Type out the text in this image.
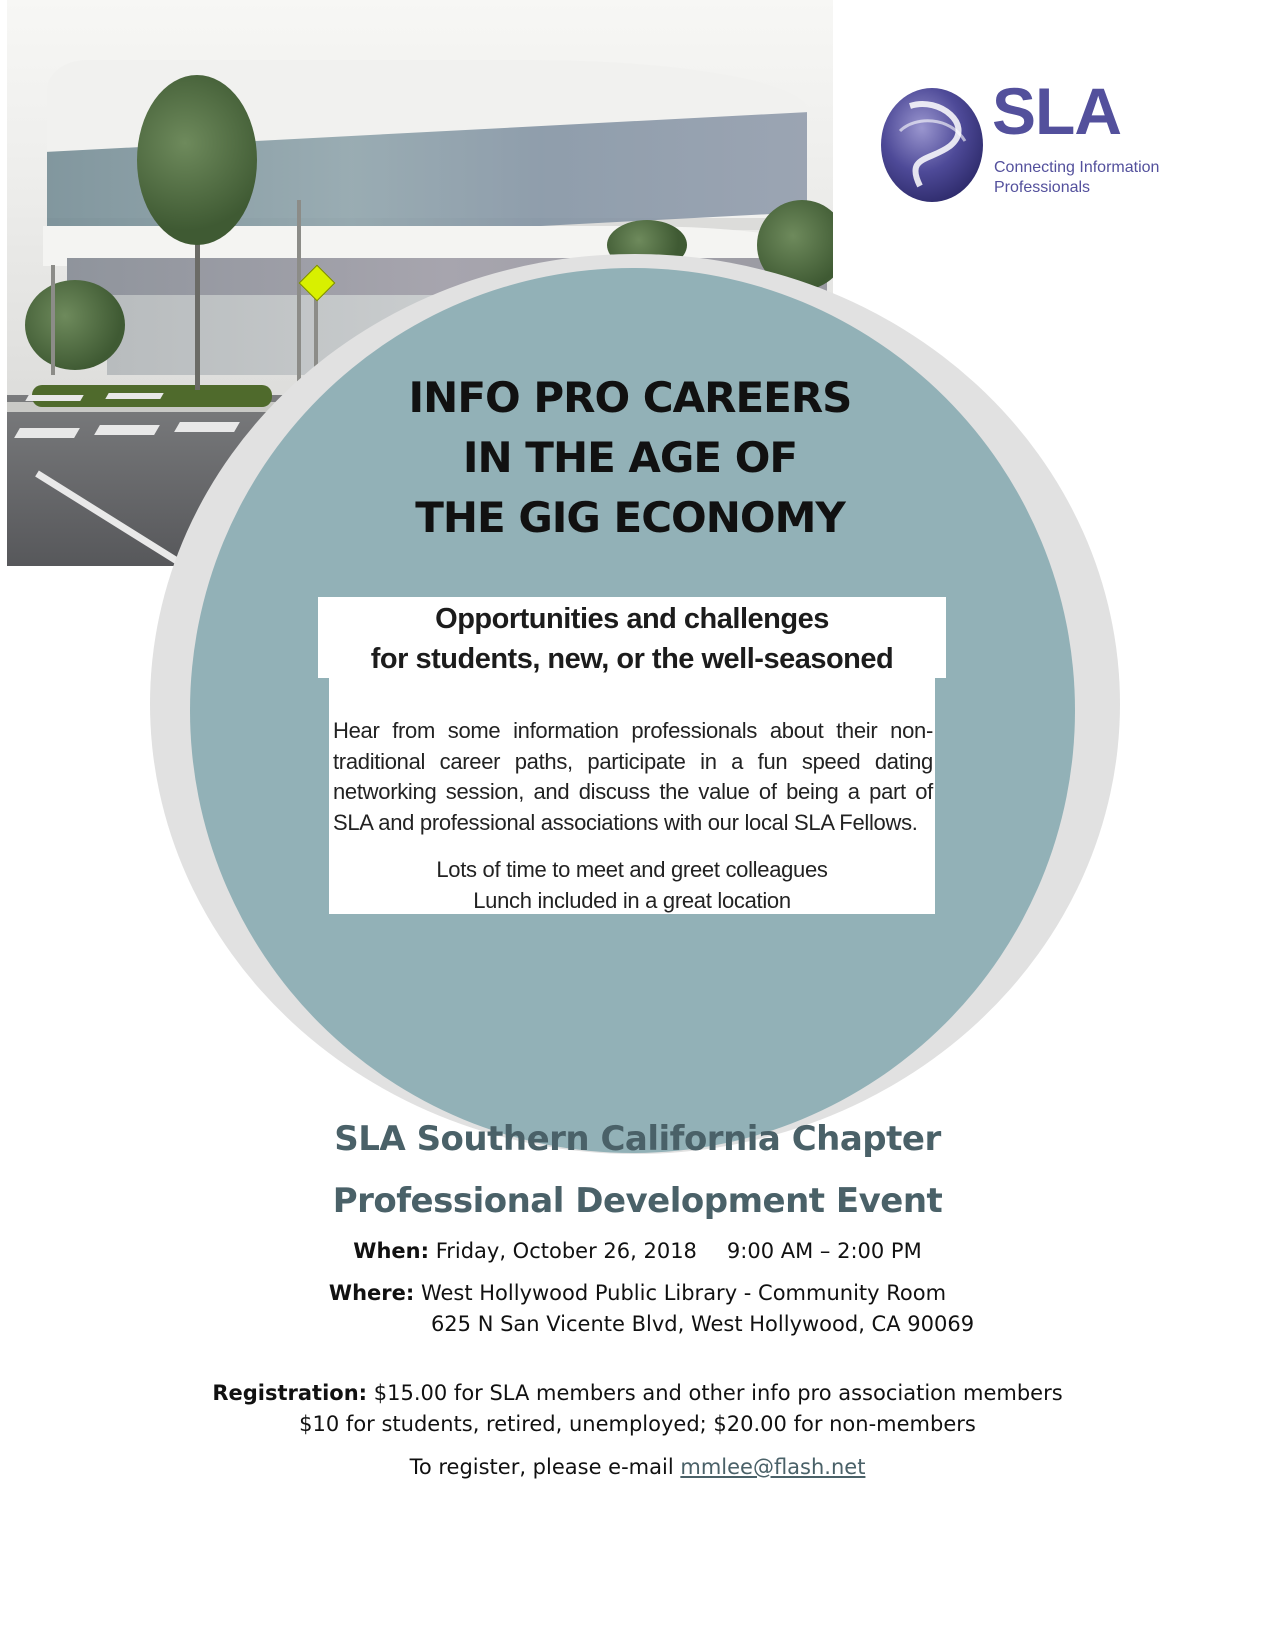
SLA
Connecting Information
Professionals
INFO PRO CAREERS
IN THE AGE OF
THE GIG ECONOMY

Opportunities and challenges

for students, new, or the well-seasoned

Hear from some information professionals about their non-traditional career paths, participate in a fun speed dating networking session, and discuss the value of being a part of SLA and professional associations with our local SLA Fellows.

Lots of time to meet and greet colleagues
Lunch included in a great location
SLA Southern California Chapter
Professional Development Event
When: Friday, October 26, 2018 9:00 AM – 2:00 PM
Where: West Hollywood Public Library - Community Room
625 N San Vicente Blvd, West Hollywood, CA 90069
Registration: $15.00 for SLA members and other info pro association members
$10 for students, retired, unemployed; $20.00 for non-members
To register, please e-mail mmlee@flash.net
